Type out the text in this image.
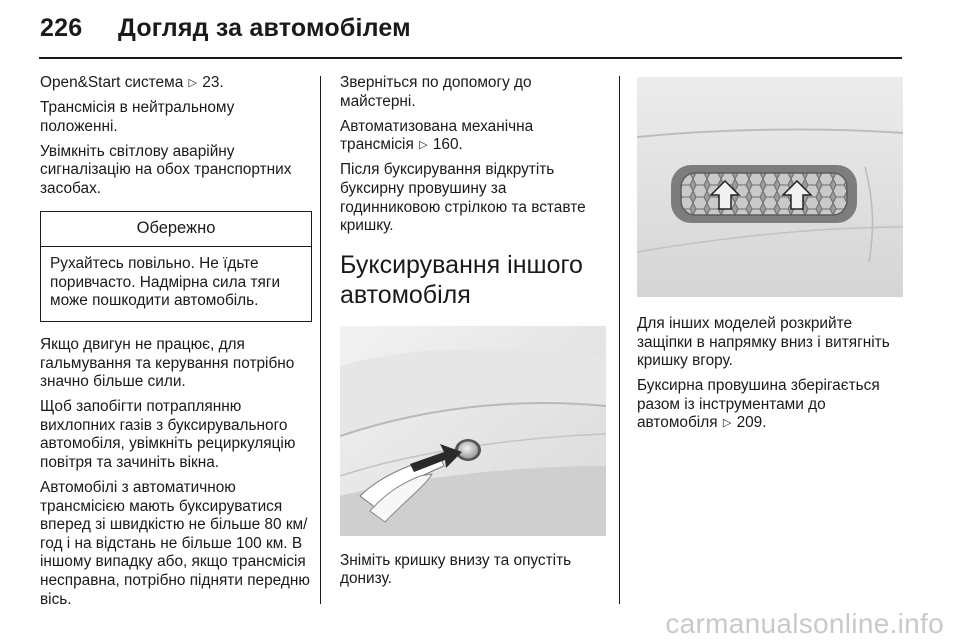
226 Догляд за автомобілем

Open&Start система ▷ 23.

Трансмісія в нейтральному положенні.

Увімкніть світлову аварійну сигналізацію на обох транспортних засобах.

Обережно
Рухайтесь повільно. Не їдьте поривчасто. Надмірна сила тяги може пошкодити автомобіль.

Якщо двигун не працює, для гальмування та керування потрібно значно більше сили.

Щоб запобігти потраплянню вихлопних газів з буксирувального автомобіля, увімкніть рециркуляцію повітря та зачиніть вікна.

Автомобілі з автоматичною трансмісією мають буксируватися вперед зі швидкістю не більше 80 км/год і на відстань не більше 100 км. В іншому випадку або, якщо трансмісія несправна, потрібно підняти передню вісь.

Зверніться по допомогу до майстерні.

Автоматизована механічна трансмісія ▷ 160.

Після буксирування відкрутіть буксирну провушину за годинниковою стрілкою та вставте кришку.

Буксирування іншого автомобіля

Зніміть кришку внизу та опустіть донизу.

Для інших моделей розкрийте защіпки в напрямку вниз і витягніть кришку вгору.

Буксирна провушина зберігається разом із інструментами до автомобіля ▷ 209.

carmanualsonline.info
